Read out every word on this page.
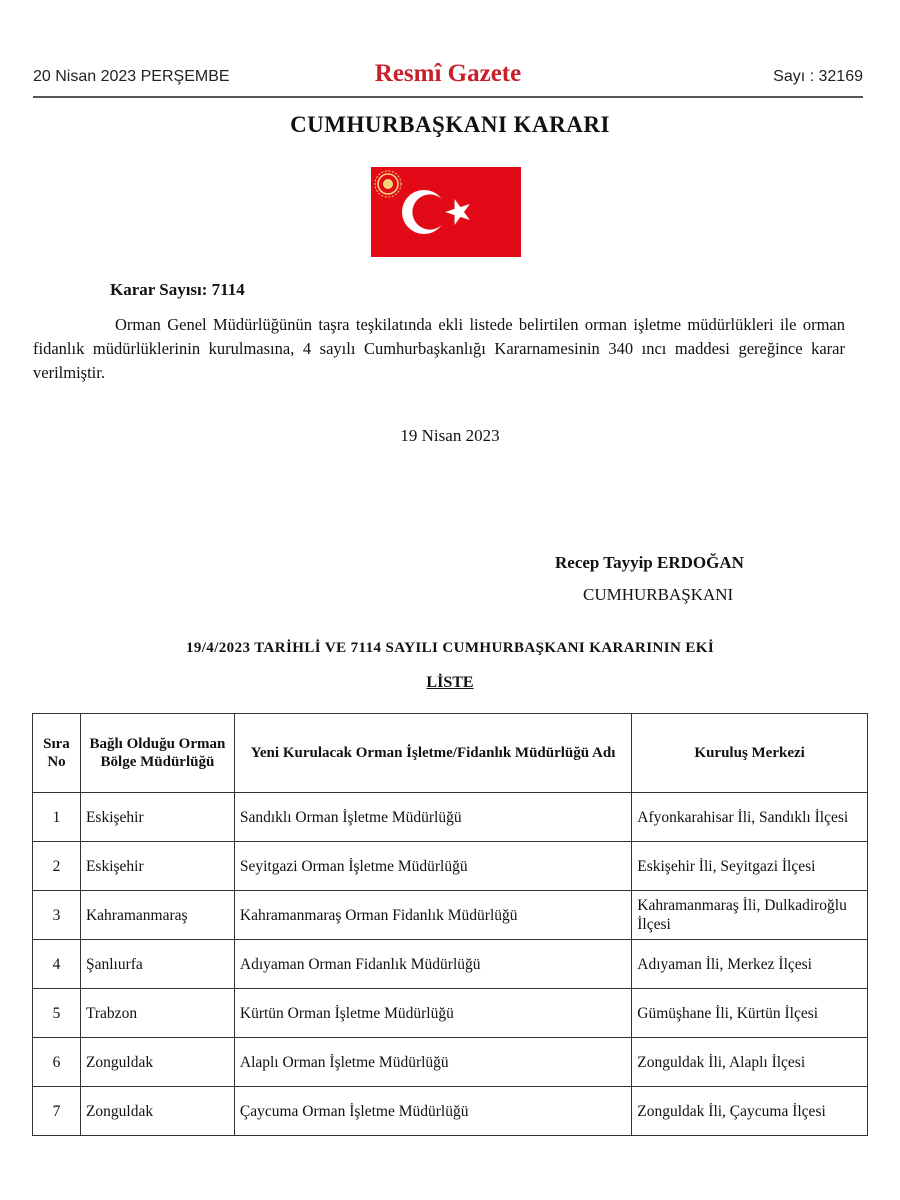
20 Nisan 2023 PERŞEMBE	Resmî Gazete	Sayı : 32169
CUMHURBAŞKANI KARARI
Karar Sayısı: 7114
Orman Genel Müdürlüğünün taşra teşkilatında ekli listede belirtilen orman işletme müdürlükleri ile orman fidanlık müdürlüklerinin kurulmasına, 4 sayılı Cumhurbaşkanlığı Kararnamesinin 340 ıncı maddesi gereğince karar verilmiştir.
19 Nisan 2023
Recep Tayyip ERDOĞAN
CUMHURBAŞKANI
19/4/2023 TARİHLİ VE 7114 SAYILI CUMHURBAŞKANI KARARININ EKİ
LİSTE
Sıra No	Bağlı Olduğu Orman Bölge Müdürlüğü	Yeni Kurulacak Orman İşletme/Fidanlık Müdürlüğü Adı	Kuruluş Merkezi
1	Eskişehir	Sandıklı Orman İşletme Müdürlüğü	Afyonkarahisar İli, Sandıklı İlçesi
2	Eskişehir	Seyitgazi Orman İşletme Müdürlüğü	Eskişehir İli, Seyitgazi İlçesi
3	Kahramanmaraş	Kahramanmaraş Orman Fidanlık Müdürlüğü	Kahramanmaraş İli, Dulkadiroğlu İlçesi
4	Şanlıurfa	Adıyaman Orman Fidanlık Müdürlüğü	Adıyaman İli, Merkez İlçesi
5	Trabzon	Kürtün Orman İşletme Müdürlüğü	Gümüşhane İli, Kürtün İlçesi
6	Zonguldak	Alaplı Orman İşletme Müdürlüğü	Zonguldak İli, Alaplı İlçesi
7	Zonguldak	Çaycuma Orman İşletme Müdürlüğü	Zonguldak İli, Çaycuma İlçesi
